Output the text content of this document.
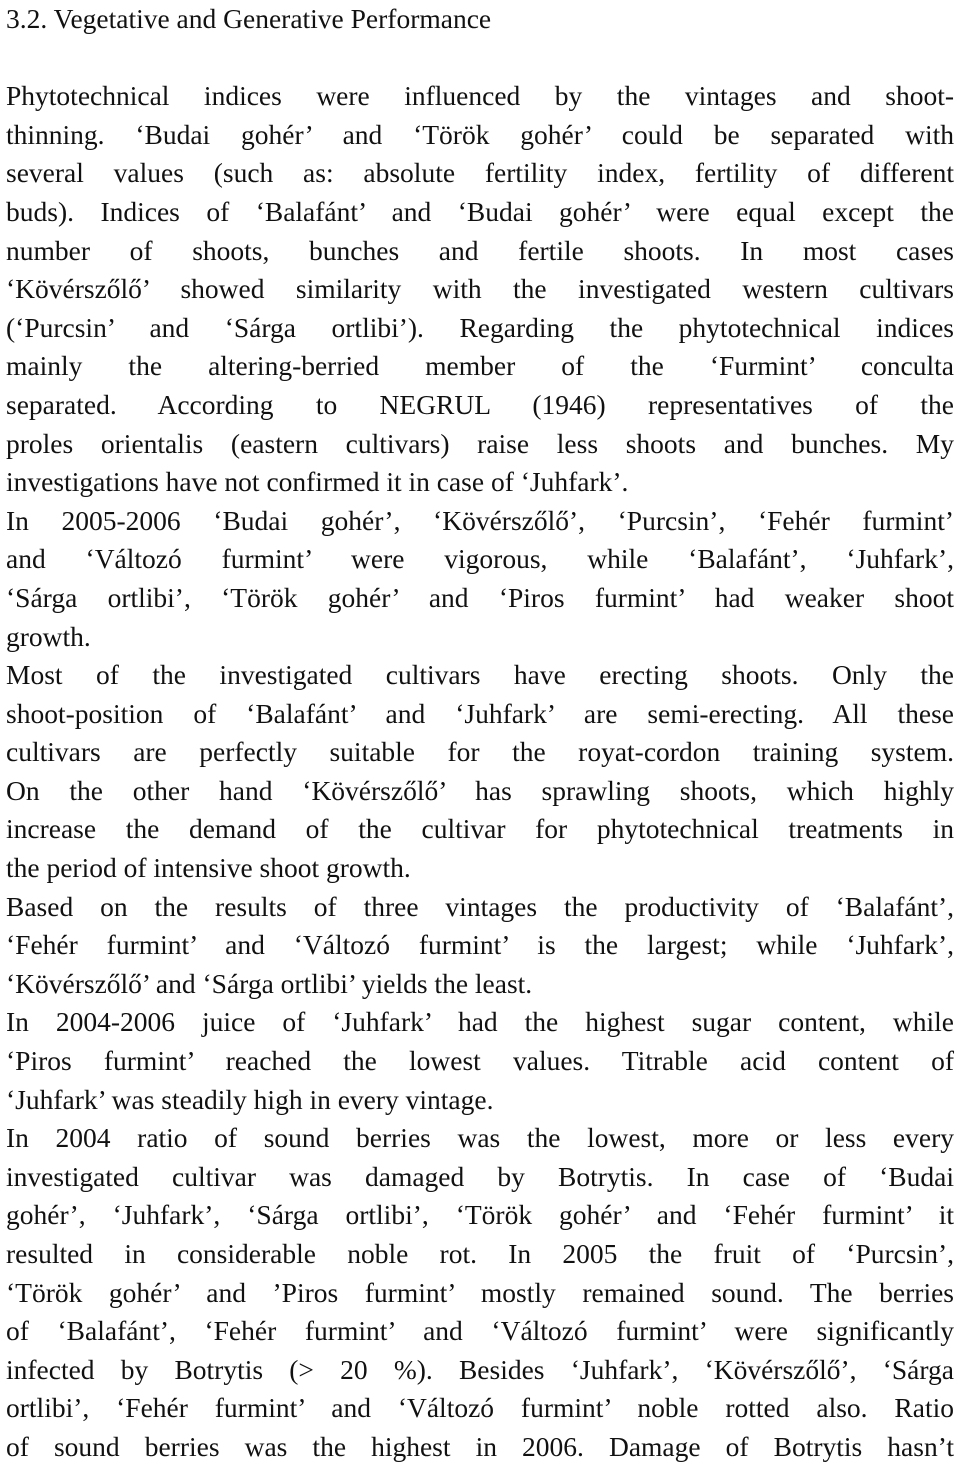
3.2. Vegetative and Generative Performance

Phytotechnical indices were influenced by the vintages and shoot-
thinning. ‘Budai gohér’ and ‘Török gohér’ could be separated with
several values (such as: absolute fertility index, fertility of different
buds). Indices of ‘Balafánt’ and ‘Budai gohér’ were equal except the
number of shoots, bunches and fertile shoots. In most cases
‘Kövérszőlő’ showed similarity with the investigated western cultivars
(‘Purcsin’ and ‘Sárga ortlibi’). Regarding the phytotechnical indices
mainly the altering-berried member of the ‘Furmint’ conculta
separated. According to NEGRUL (1946) representatives of the
proles orientalis (eastern cultivars) raise less shoots and bunches. My
investigations have not confirmed it in case of ‘Juhfark’.

In 2005-2006 ‘Budai gohér’, ‘Kövérszőlő’, ‘Purcsin’, ‘Fehér furmint’
and ‘Változó furmint’ were vigorous, while ‘Balafánt’, ‘Juhfark’,
‘Sárga ortlibi’, ‘Török gohér’ and ‘Piros furmint’ had weaker shoot
growth.

Most of the investigated cultivars have erecting shoots. Only the
shoot-position of ‘Balafánt’ and ‘Juhfark’ are semi-erecting. All these
cultivars are perfectly suitable for the royat-cordon training system.
On the other hand ‘Kövérszőlő’ has sprawling shoots, which highly
increase the demand of the cultivar for phytotechnical treatments in
the period of intensive shoot growth.

Based on the results of three vintages the productivity of ‘Balafánt’,
‘Fehér furmint’ and ‘Változó furmint’ is the largest; while ‘Juhfark’,
‘Kövérszőlő’ and ‘Sárga ortlibi’ yields the least.

In 2004-2006 juice of ‘Juhfark’ had the highest sugar content, while
‘Piros furmint’ reached the lowest values. Titrable acid content of
‘Juhfark’ was steadily high in every vintage.

In 2004 ratio of sound berries was the lowest, more or less every
investigated cultivar was damaged by Botrytis. In case of ‘Budai
gohér’, ‘Juhfark’, ‘Sárga ortlibi’, ‘Török gohér’ and ‘Fehér furmint’ it
resulted in considerable noble rot. In 2005 the fruit of ‘Purcsin’,
‘Török gohér’ and ’Piros furmint’ mostly remained sound. The berries
of ‘Balafánt’, ‘Fehér furmint’ and ‘Változó furmint’ were significantly
infected by Botrytis (> 20 %). Besides ‘Juhfark’, ‘Kövérszőlő’, ‘Sárga
ortlibi’, ‘Fehér furmint’ and ‘Változó furmint’ noble rotted also. Ratio
of sound berries was the highest in 2006. Damage of Botrytis hasn’t
